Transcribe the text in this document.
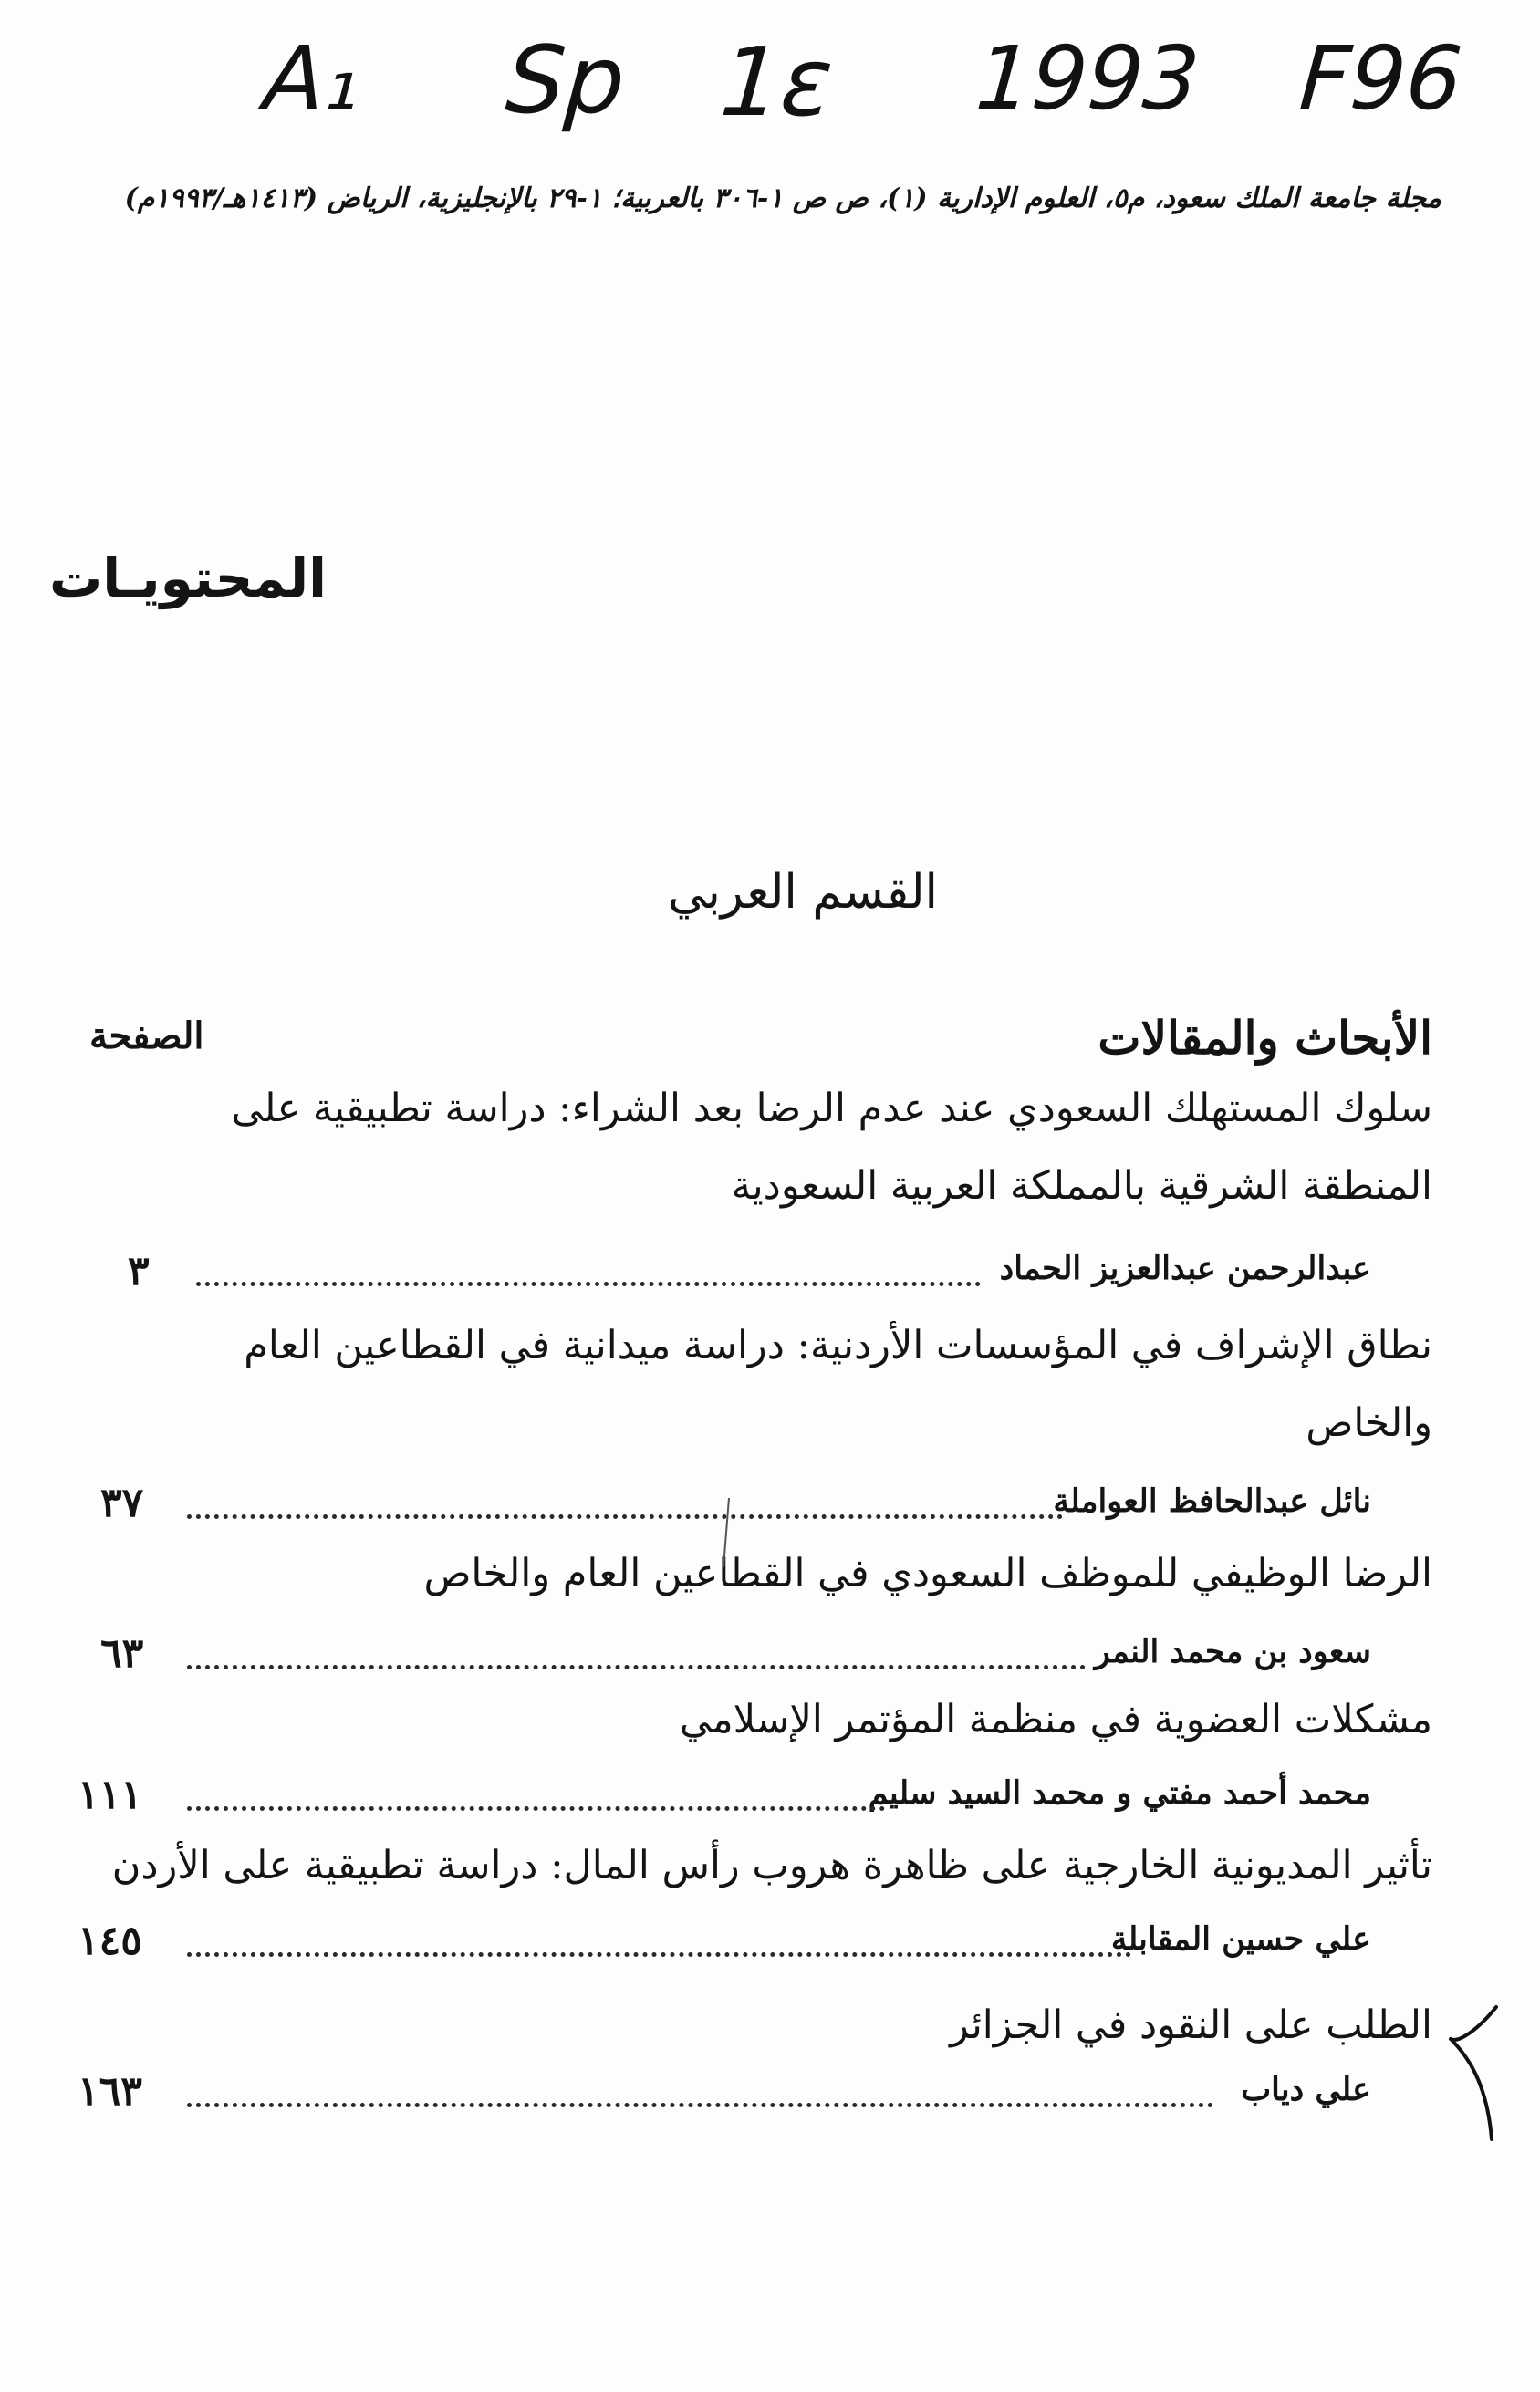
A₁ Sp 1ε 1993 F96
مجلة جامعة الملك سعود، م٥، العلوم الإدارية (١)، ص ص ١-٣٠٦ بالعربية؛ ١-٢٩ بالإنجليزية، الرياض (١٤١٣هـ/١٩٩٣م)
المحتويـات
القسم العربي
الأبحاث والمقالات
الصفحة
سلوك المستهلك السعودي عند عدم الرضا بعد الشراء: دراسة تطبيقية على
المنطقة الشرقية بالمملكة العربية السعودية
عبدالرحمن عبدالعزيز الحماد
٣
نطاق الإشراف في المؤسسات الأردنية: دراسة ميدانية في القطاعين العام
والخاص
نائل عبدالحافظ العواملة
٣٧
الرضا الوظيفي للموظف السعودي في القطاعين العام والخاص
سعود بن محمد النمر
٦٣
مشكلات العضوية في منظمة المؤتمر الإسلامي
محمد أحمد مفتي و محمد السيد سليم
١١١
تأثير المديونية الخارجية على ظاهرة هروب رأس المال: دراسة تطبيقية على الأردن
علي حسين المقابلة
١٤٥
الطلب على النقود في الجزائر
علي دياب
١٦٣
